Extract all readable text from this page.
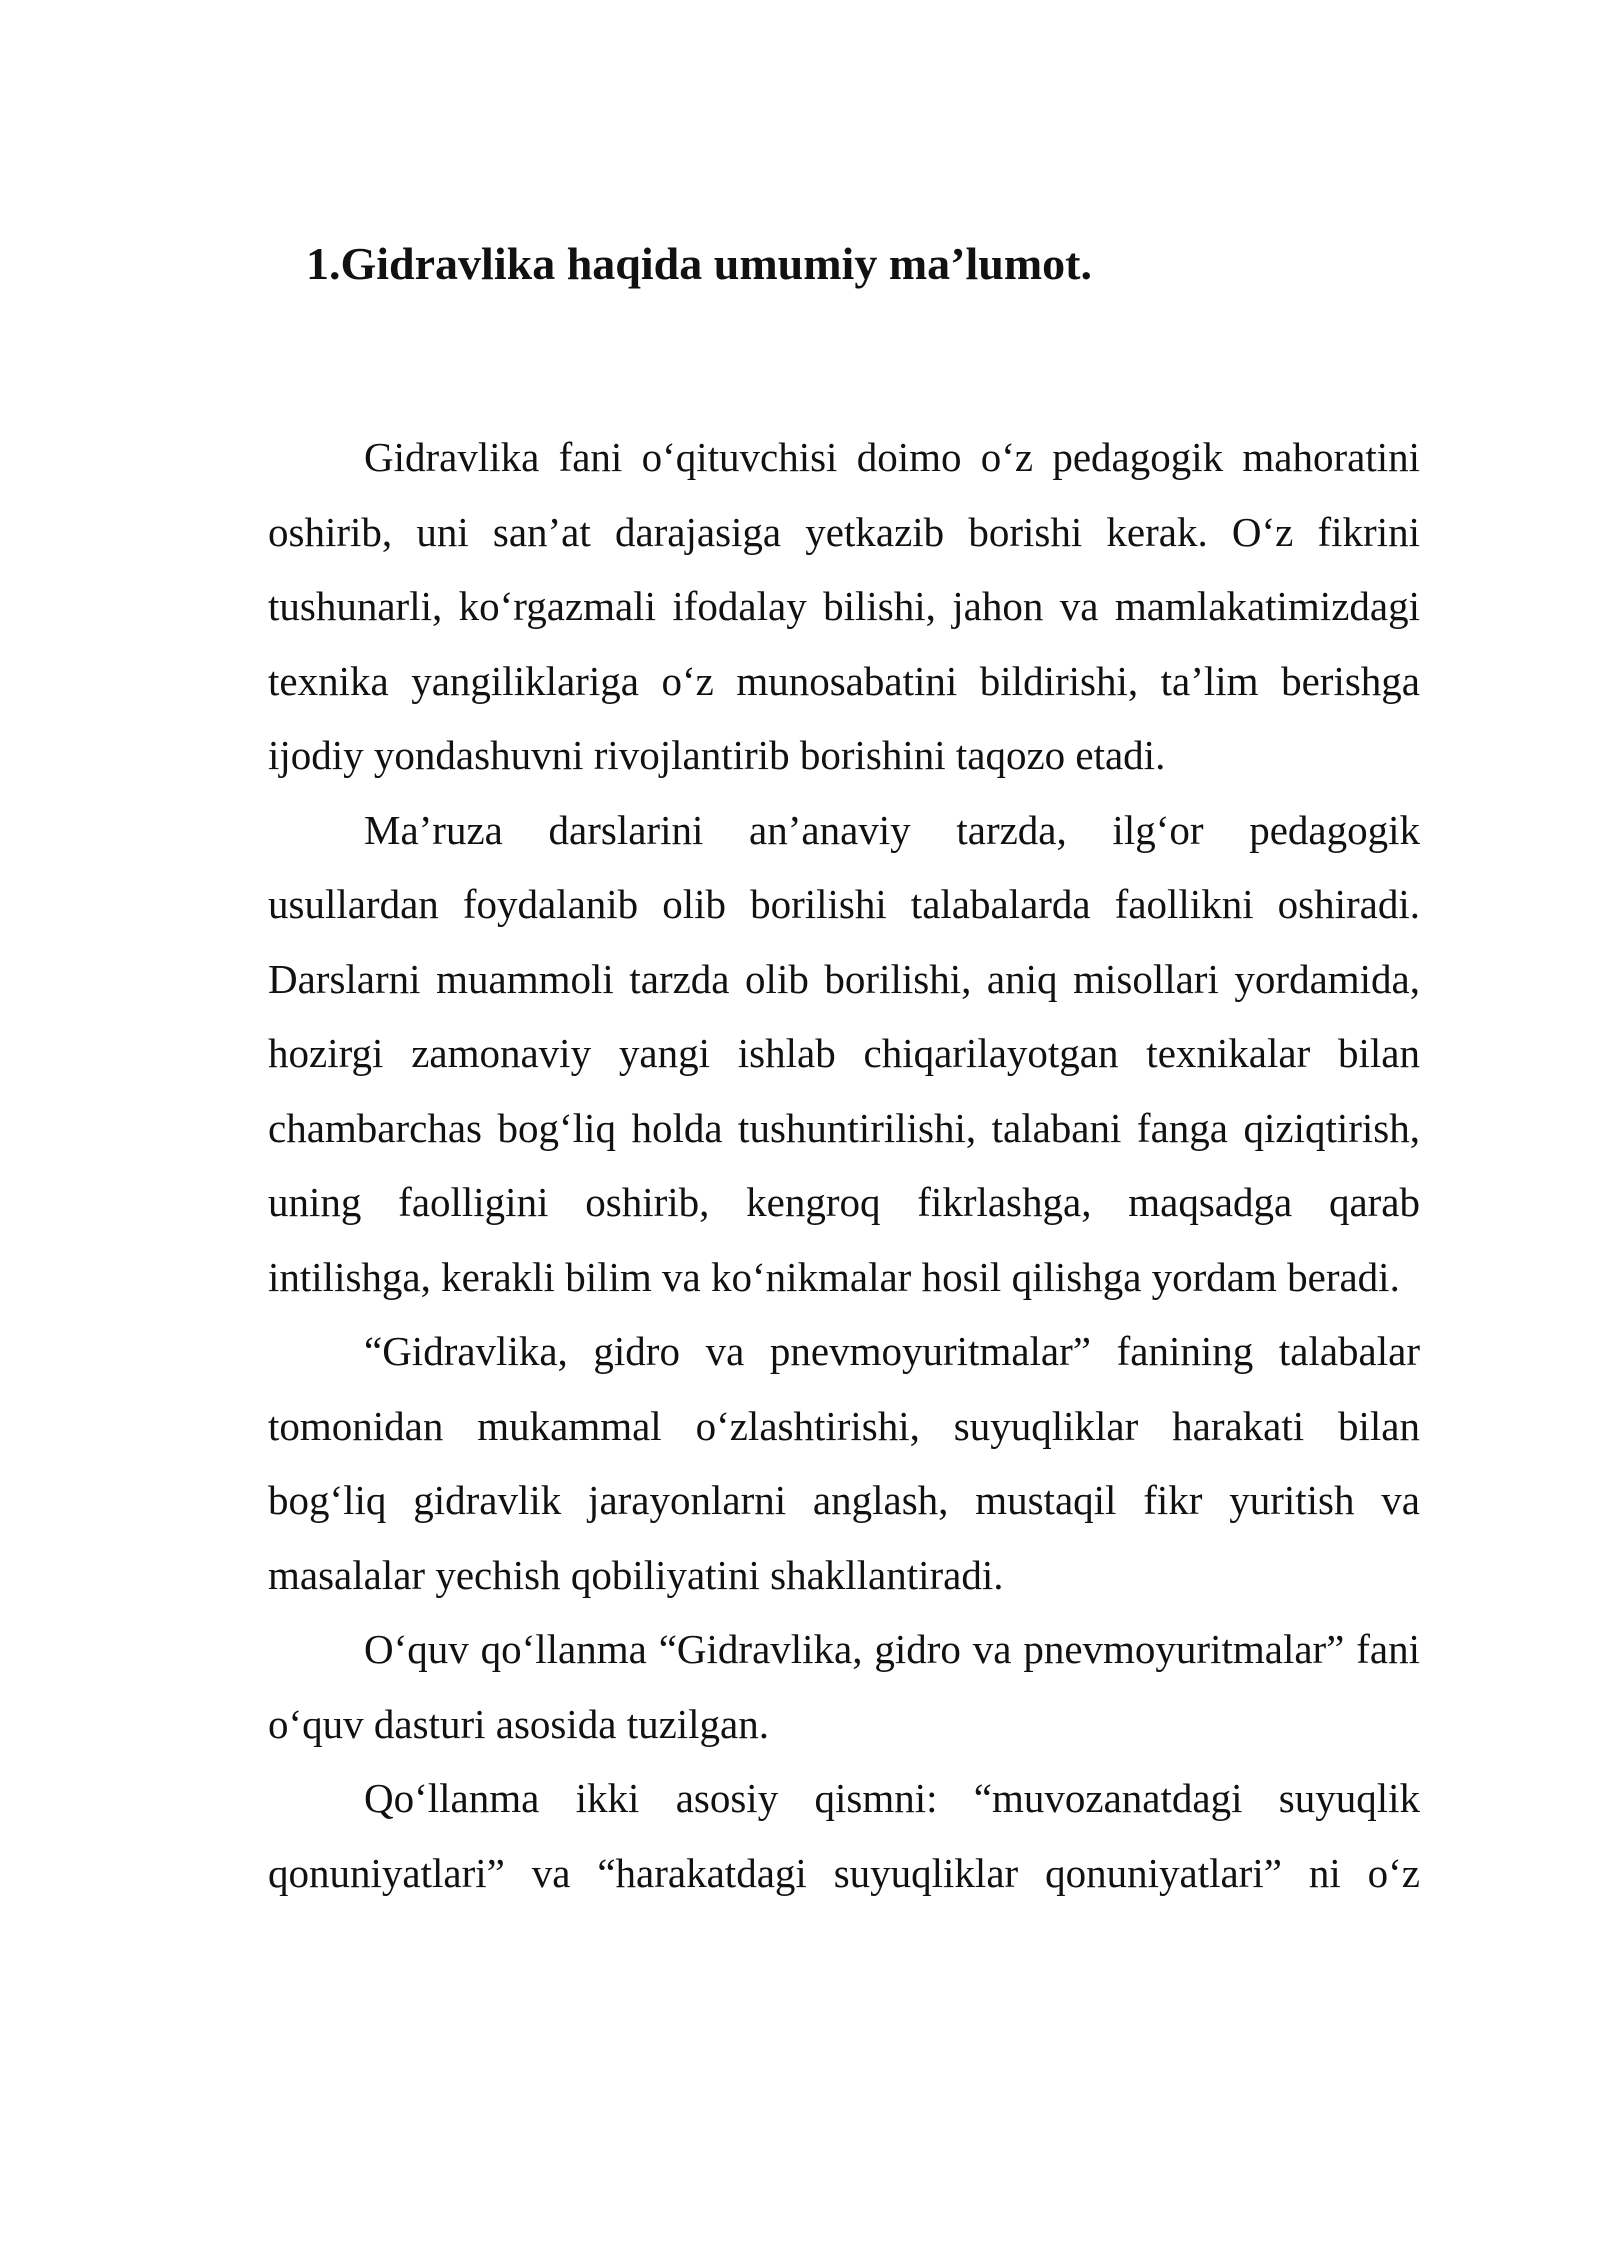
1.Gidravlika haqida umumiy ma’lumot.

Gidravlika fani o‘qituvchisi doimo o‘z pedagogik mahoratini oshirib, uni san’at darajasiga yetkazib borishi kerak. O‘z fikrini tushunarli, ko‘rgazmali ifodalay bilishi, jahon va mamlakatimizdagi texnika yangiliklariga o‘z munosabatini bildirishi, ta’lim berishga ijodiy yondashuvni rivojlantirib borishini taqozo etadi.

Ma’ruza darslarini an’anaviy tarzda, ilg‘or pedagogik usullardan foydalanib olib borilishi talabalarda faollikni oshiradi. Darslarni muammoli tarzda olib borilishi, aniq misollari yordamida, hozirgi zamonaviy yangi ishlab chiqarilayotgan texnikalar bilan chambarchas bog‘liq holda tushuntirilishi, talabani fanga qiziqtirish, uning faolligini oshirib, kengroq fikrlashga, maqsadga qarab intilishga, kerakli bilim va ko‘nikmalar hosil qilishga yordam beradi.

“Gidravlika, gidro va pnevmoyuritmalar” fanining talabalar tomonidan mukammal o‘zlashtirishi, suyuqliklar harakati bilan bog‘liq gidravlik jarayonlarni anglash, mustaqil fikr yuritish va masalalar yechish qobiliyatini shakllantiradi.

O‘quv qo‘llanma “Gidravlika, gidro va pnevmoyuritmalar” fani o‘quv dasturi asosida tuzilgan.

Qo‘llanma ikki asosiy qismni: “muvozanatdagi suyuqlik qonuniyatlari” va “harakatdagi suyuqliklar qonuniyatlari” ni o‘z
